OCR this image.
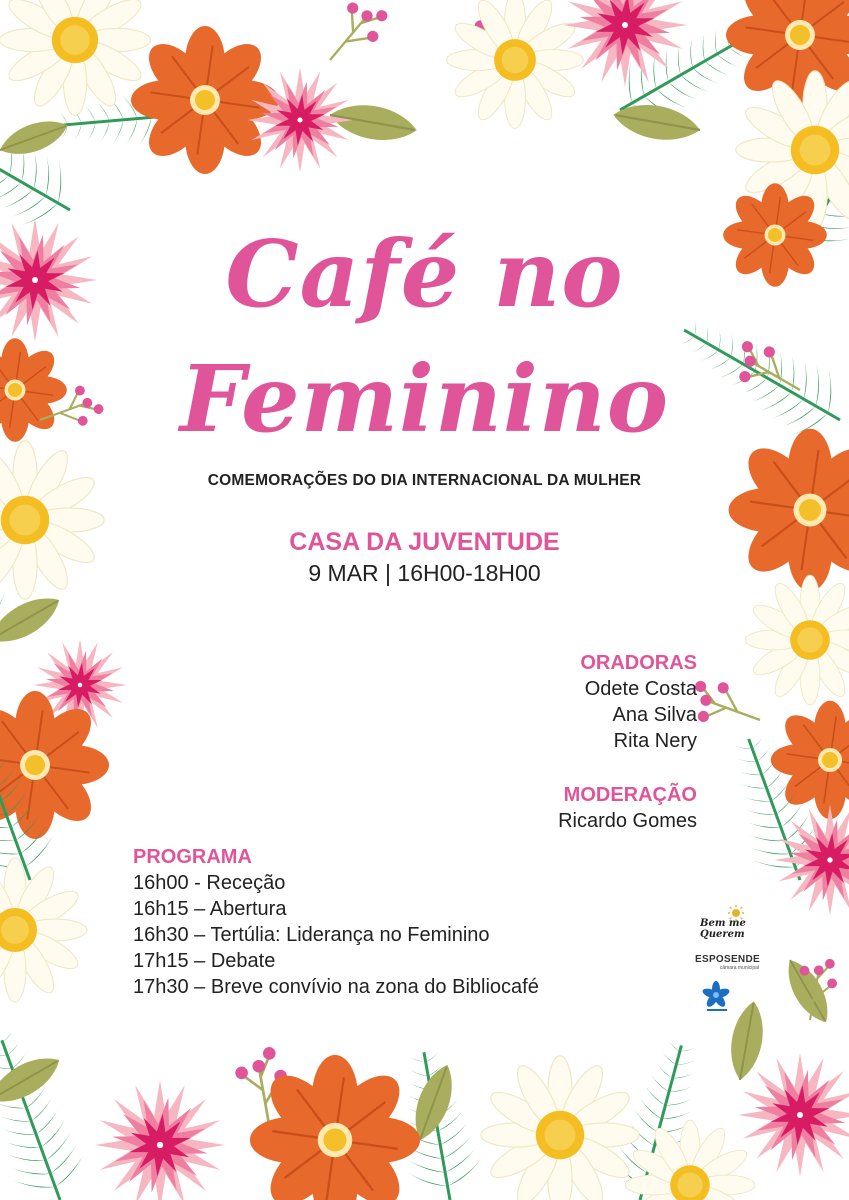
Café no
Feminino
COMEMORAÇÕES DO DIA INTERNACIONAL DA MULHER
CASA DA JUVENTUDE
9 MAR | 16H00-18H00
ORADORAS
Odete Costa
Ana Silva
Rita Nery
MODERAÇÃO
Ricardo Gomes
PROGRAMA
16h00 - Receção
16h15 – Abertura
16h30 – Tertúlia: Liderança no Feminino
17h15 – Debate
17h30 – Breve convívio na zona do Bibliocafé
Bem me Querem
ESPOSENDE
câmara municipal
